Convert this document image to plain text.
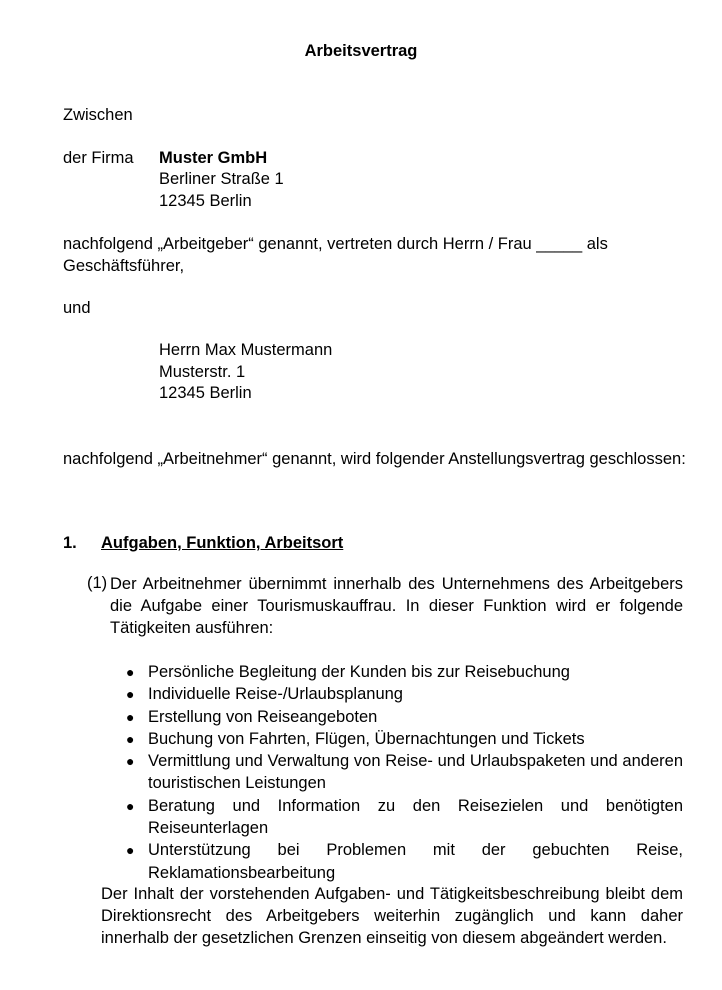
Arbeitsvertrag
Zwischen
der Firma Muster GmbH
Berliner Straße 1
12345 Berlin
nachfolgend „Arbeitgeber“ genannt, vertreten durch Herrn / Frau _____ als Geschäftsführer,
und
Herrn Max Mustermann
Musterstr. 1
12345 Berlin
nachfolgend „Arbeitnehmer“ genannt, wird folgender Anstellungsvertrag geschlossen:
1. Aufgaben, Funktion, Arbeitsort
(1) Der Arbeitnehmer übernimmt innerhalb des Unternehmens des Arbeitgebers die Aufgabe einer Tourismuskauffrau. In dieser Funktion wird er folgende Tätigkeiten ausführen:
● Persönliche Begleitung der Kunden bis zur Reisebuchung
● Individuelle Reise-/Urlaubsplanung
● Erstellung von Reiseangeboten
● Buchung von Fahrten, Flügen, Übernachtungen und Tickets
● Vermittlung und Verwaltung von Reise- und Urlaubspaketen und anderen touristischen Leistungen
● Beratung und Information zu den Reisezielen und benötigten Reiseunterlagen
● Unterstützung bei Problemen mit der gebuchten Reise, Reklamationsbearbeitung
Der Inhalt der vorstehenden Aufgaben- und Tätigkeitsbeschreibung bleibt dem Direktionsrecht des Arbeitgebers weiterhin zugänglich und kann daher innerhalb der gesetzlichen Grenzen einseitig von diesem abgeändert werden.
